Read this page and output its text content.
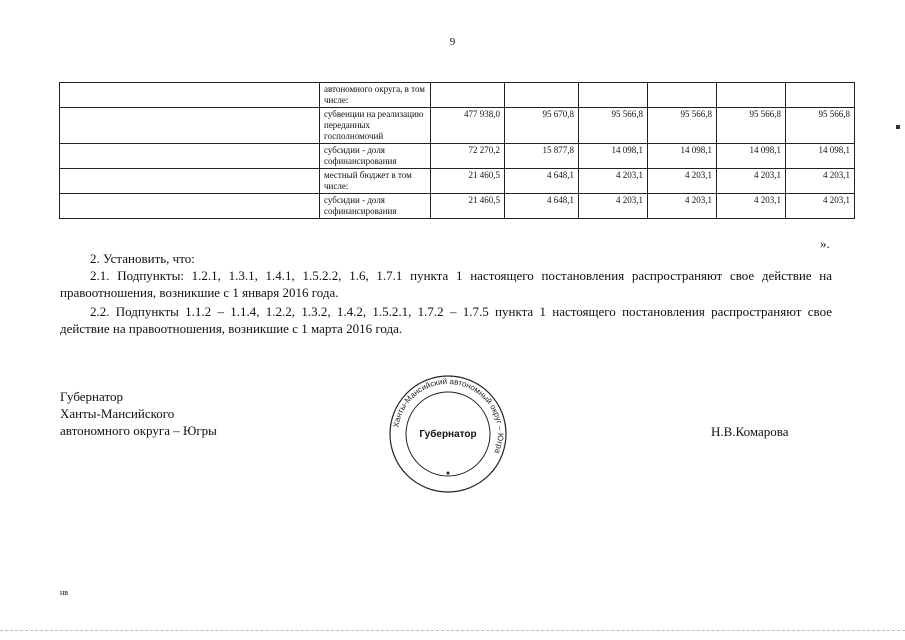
9
	автономного округа, в том числе:						
	субвенции на реализацию переданных госполномочий	477 938,0	95 670,8	95 566,8	95 566,8	95 566,8	95 566,8
	субсидии - доля софинансирования	72 270,2	15 877,8	14 098,1	14 098,1	14 098,1	14 098,1
	местный бюджет в том числе:	21 460,5	4 648,1	4 203,1	4 203,1	4 203,1	4 203,1
	субсидии - доля софинансирования	21 460,5	4 648,1	4 203,1	4 203,1	4 203,1	4 203,1
».
2. Установить, что:
2.1. Подпункты: 1.2.1, 1.3.1, 1.4.1, 1.5.2.2, 1.6, 1.7.1 пункта 1 настоящего постановления распространяют свое действие на правоотношения, возникшие с 1 января 2016 года.
2.2. Подпункты 1.1.2 – 1.1.4, 1.2.2, 1.3.2, 1.4.2, 1.5.2.1, 1.7.2 – 1.7.5 пункта 1 настоящего постановления распространяют свое действие на правоотношения, возникшие с 1 марта 2016 года.
Губернатор
Ханты-Мансийского
автономного округа – Югры	Ханты-Мансийский автономный округ – Югра
Губернатор	Н.В.Комарова
нв
